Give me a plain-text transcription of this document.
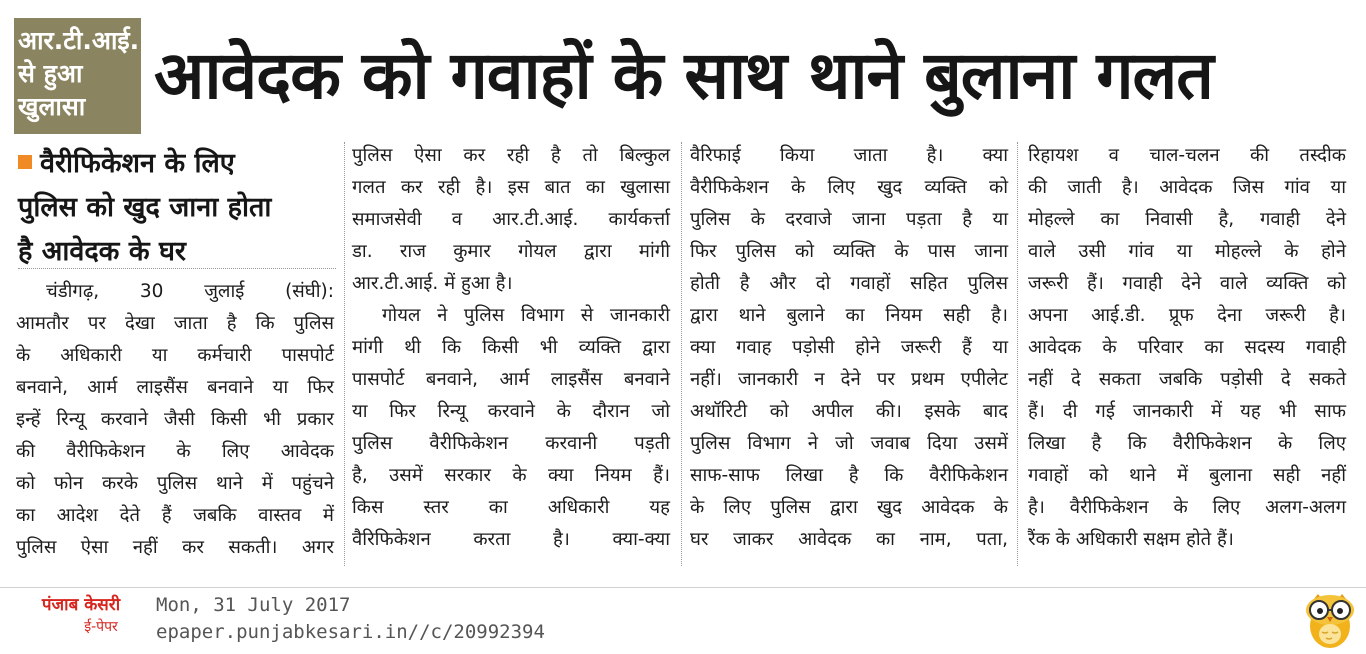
आर.टी.आई.
से हुआ
खुलासा	आवेदक को गवाहों के साथ थाने बुलाना गलत
वैरीफिकेशन के लिए
पुलिस को खुद जाना होता
है आवेदक के घर
चंडीगढ़, 30 जुलाई (संघी):
आमतौर पर देखा जाता है कि पुलिस
के अधिकारी या कर्मचारी पासपोर्ट
बनवाने, आर्म लाइसैंस बनवाने या फिर
इन्हें रिन्यू करवाने जैसी किसी भी प्रकार
की वैरीफिकेशन के लिए आवेदक
को फोन करके पुलिस थाने में पहुंचने
का आदेश देते हैं जबकि वास्तव में
पुलिस ऐसा नहीं कर सकती। अगर
पुलिस ऐसा कर रही है तो बिल्कुल
गलत कर रही है। इस बात का खुलासा
समाजसेवी व आर.टी.आई. कार्यकर्त्ता
डा. राज कुमार गोयल द्वारा मांगी
आर.टी.आई. में हुआ है।
गोयल ने पुलिस विभाग से जानकारी
मांगी थी कि किसी भी व्यक्ति द्वारा
पासपोर्ट बनवाने, आर्म लाइसैंस बनवाने
या फिर रिन्यू करवाने के दौरान जो
पुलिस वैरीफिकेशन करवानी पड़ती
है, उसमें सरकार के क्या नियम हैं।
किस स्तर का अधिकारी यह
वैरिफिकेशन करता है। क्या-क्या
वैरिफाई किया जाता है। क्या
वैरीफिकेशन के लिए खुद व्यक्ति को
पुलिस के दरवाजे जाना पड़ता है या
फिर पुलिस को व्यक्ति के पास जाना
होती है और दो गवाहों सहित पुलिस
द्वारा थाने बुलाने का नियम सही है।
क्या गवाह पड़ोसी होने जरूरी हैं या
नहीं। जानकारी न देने पर प्रथम एपीलेट
अथॉरिटी को अपील की। इसके बाद
पुलिस विभाग ने जो जवाब दिया उसमें
साफ-साफ लिखा है कि वैरीफिकेशन
के लिए पुलिस द्वारा खुद आवेदक के
घर जाकर आवेदक का नाम, पता,
रिहायश व चाल-चलन की तस्दीक
की जाती है। आवेदक जिस गांव या
मोहल्ले का निवासी है, गवाही देने
वाले उसी गांव या मोहल्ले के होने
जरूरी हैं। गवाही देने वाले व्यक्ति को
अपना आई.डी. प्रूफ देना जरूरी है।
आवेदक के परिवार का सदस्य गवाही
नहीं दे सकता जबकि पड़ोसी दे सकते
हैं। दी गई जानकारी में यह भी साफ
लिखा है कि वैरीफिकेशन के लिए
गवाहों को थाने में बुलाना सही नहीं
है। वैरीफिकेशन के लिए अलग-अलग
रैंक के अधिकारी सक्षम होते हैं।
पंजाब केसरी
ई-पेपर
Mon, 31 July 2017
epaper.punjabkesari.in//c/20992394
